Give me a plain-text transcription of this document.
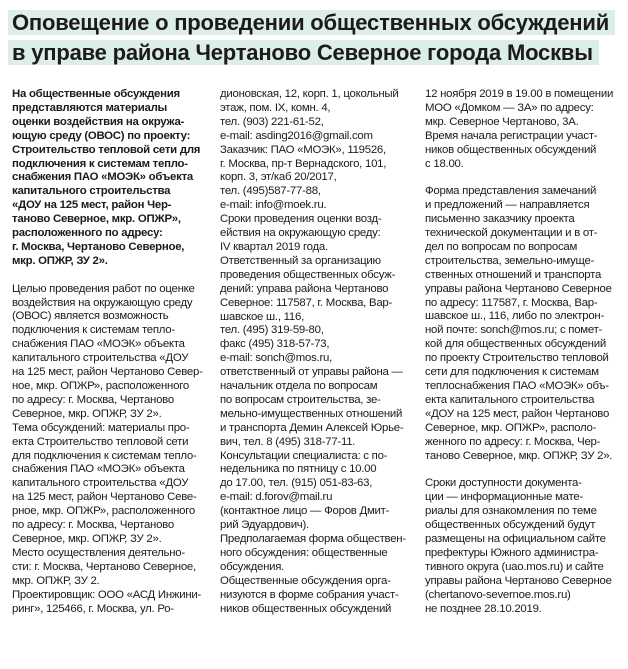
Оповещение о проведении общественных обсуждений
в управе района Чертаново Северное города Москвы
На общественные обсуждения
представляются материалы
оценки воздействия на окружа-
ющую среду (ОВОС) по проекту:
Строительство тепловой сети для
подключения к системам тепло-
снабжения ПАО «МОЭК» объекта
капитального строительства
«ДОУ на 125 мест, район Чер-
таново Северное, мкр. ОПЖР»,
расположенного по адресу:
г. Москва, Чертаново Северное,
мкр. ОПЖР, ЗУ 2».
Целью проведения работ по оценке
воздействия на окружающую среду
(ОВОС) является возможность
подключения к системам тепло-
снабжения ПАО «МОЭК» объекта
капитального строительства «ДОУ
на 125 мест, район Чертаново Север-
ное, мкр. ОПЖР», расположенного
по адресу: г. Москва, Чертаново
Северное, мкр. ОПЖР, ЗУ 2».
Тема обсуждений: материалы про-
екта Строительство тепловой сети
для подключения к системам тепло-
снабжения ПАО «МОЭК» объекта
капитального строительства «ДОУ
на 125 мест, район Чертаново Севе-
рное, мкр. ОПЖР», расположенного
по адресу: г. Москва, Чертаново
Северное, мкр. ОПЖР, ЗУ 2».
Место осуществления деятельно-
сти: г. Москва, Чертаново Северное,
мкр. ОПЖР, ЗУ 2.
Проектировщик: ООО «АСД Инжини-
ринг», 125466, г. Москва, ул. Ро-
дионовская, 12, корп. 1, цокольный
этаж, пом. IX, комн. 4,
тел. (903) 221-61-52,
e-mail: asding2016@gmail.com
Заказчик: ПАО «МОЭК», 119526,
г. Москва, пр-т Вернадского, 101,
корп. 3, эт/каб 20/2017,
тел. (495)587-77-88,
e-mail: info@moek.ru.
Сроки проведения оценки возд-
ействия на окружающую среду:
IV квартал 2019 года.
Ответственный за организацию
проведения общественных обсуж-
дений: управа района Чертаново
Северное: 117587, г. Москва, Вар-
шавское ш., 116,
тел. (495) 319-59-80,
факс (495) 318-57-73,
e-mail: sonch@mos.ru,
ответственный от управы района —
начальник отдела по вопросам
по вопросам строительства, зе-
мельно-имущественных отношений
и транспорта Демин Алексей Юрье-
вич, тел. 8 (495) 318-77-11.
Консультации специалиста: с по-
недельника по пятницу с 10.00
до 17.00, тел. (915) 051-83-63,
e-mail: d.forov@mail.ru
(контактное лицо — Форов Дмит-
рий Эдуардович).
Предполагаемая форма обществен-
ного обсуждения: общественные
обсуждения.
Общественные обсуждения орга-
низуются в форме собрания участ-
ников общественных обсуждений
12 ноября 2019 в 19.00 в помещении
МОО «Домком — ЗА» по адресу:
мкр. Северное Чертаново, 3А.
Время начала регистрации участ-
ников общественных обсуждений
с 18.00.
Форма представления замечаний
и предложений — направляется
письменно заказчику проекта
технической документации и в от-
дел по вопросам по вопросам
строительства, земельно-имуще-
ственных отношений и транспорта
управы района Чертаново Северное
по адресу: 117587, г. Москва, Вар-
шавское ш., 116, либо по электрон-
ной почте: sonch@mos.ru; c помет-
кой для общественных обсуждений
по проекту Строительство тепловой
сети для подключения к системам
теплоснабжения ПАО «МОЭК» объ-
екта капитального строительства
«ДОУ на 125 мест, район Чертаново
Северное, мкр. ОПЖР», располо-
женного по адресу: г. Москва, Чер-
таново Северное, мкр. ОПЖР, ЗУ 2».
Сроки доступности документа-
ции — информационные мате-
риалы для ознакомления по теме
общественных обсуждений будут
размещены на официальном сайте
префектуры Южного администра-
тивного округа (uao.mos.ru) и сайте
управы района Чертаново Северное
(chertanovo-severnoe.mos.ru)
не позднее 28.10.2019.
